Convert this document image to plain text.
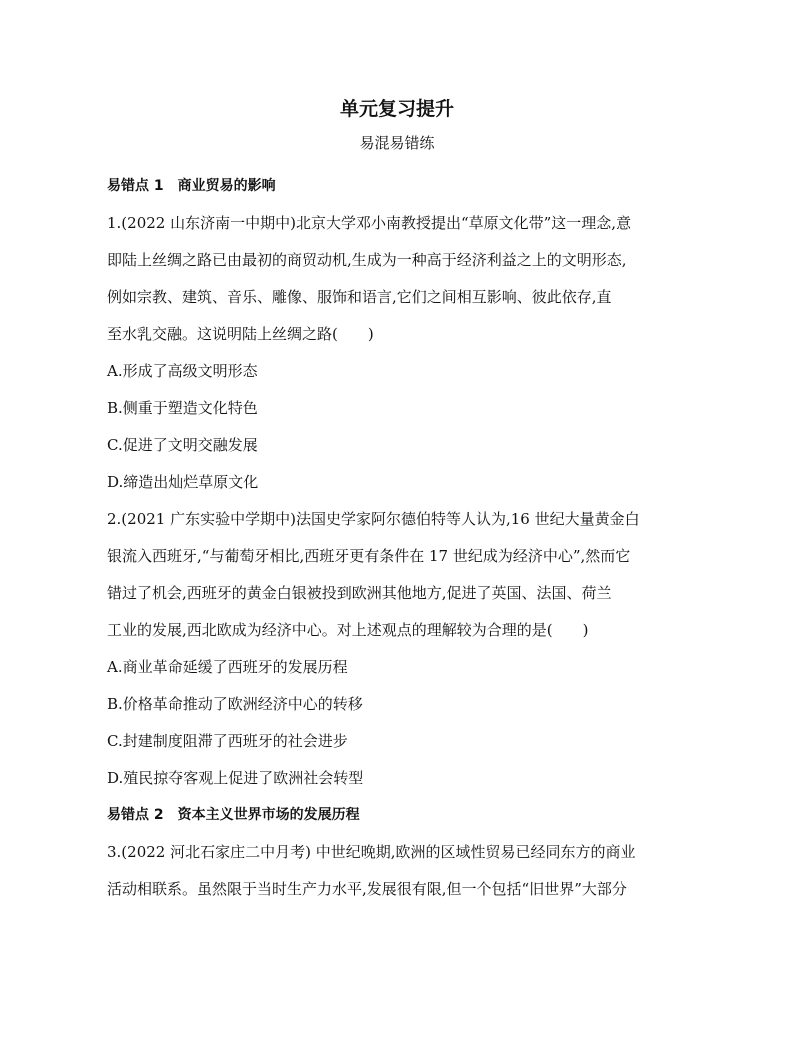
单元复习提升
易混易错练
易错点 1　商业贸易的影响
1.(2022 山东济南一中期中)北京大学邓小南教授提出“草原文化带”这一理念,意
即陆上丝绸之路已由最初的商贸动机,生成为一种高于经济利益之上的文明形态,
例如宗教、建筑、音乐、雕像、服饰和语言,它们之间相互影响、彼此依存,直
至水乳交融。这说明陆上丝绸之路(　　)
A.形成了高级文明形态
B.侧重于塑造文化特色
C.促进了文明交融发展
D.缔造出灿烂草原文化
2.(2021 广东实验中学期中)法国史学家阿尔德伯特等人认为,16 世纪大量黄金白
银流入西班牙,“与葡萄牙相比,西班牙更有条件在 17 世纪成为经济中心”,然而它
错过了机会,西班牙的黄金白银被投到欧洲其他地方,促进了英国、法国、荷兰
工业的发展,西北欧成为经济中心。对上述观点的理解较为合理的是(　　)
A.商业革命延缓了西班牙的发展历程
B.价格革命推动了欧洲经济中心的转移
C.封建制度阻滞了西班牙的社会进步
D.殖民掠夺客观上促进了欧洲社会转型
易错点 2　资本主义世界市场的发展历程
3.(2022 河北石家庄二中月考) 中世纪晚期,欧洲的区域性贸易已经同东方的商业
活动相联系。虽然限于当时生产力水平,发展很有限,但一个包括“旧世界”大部分
